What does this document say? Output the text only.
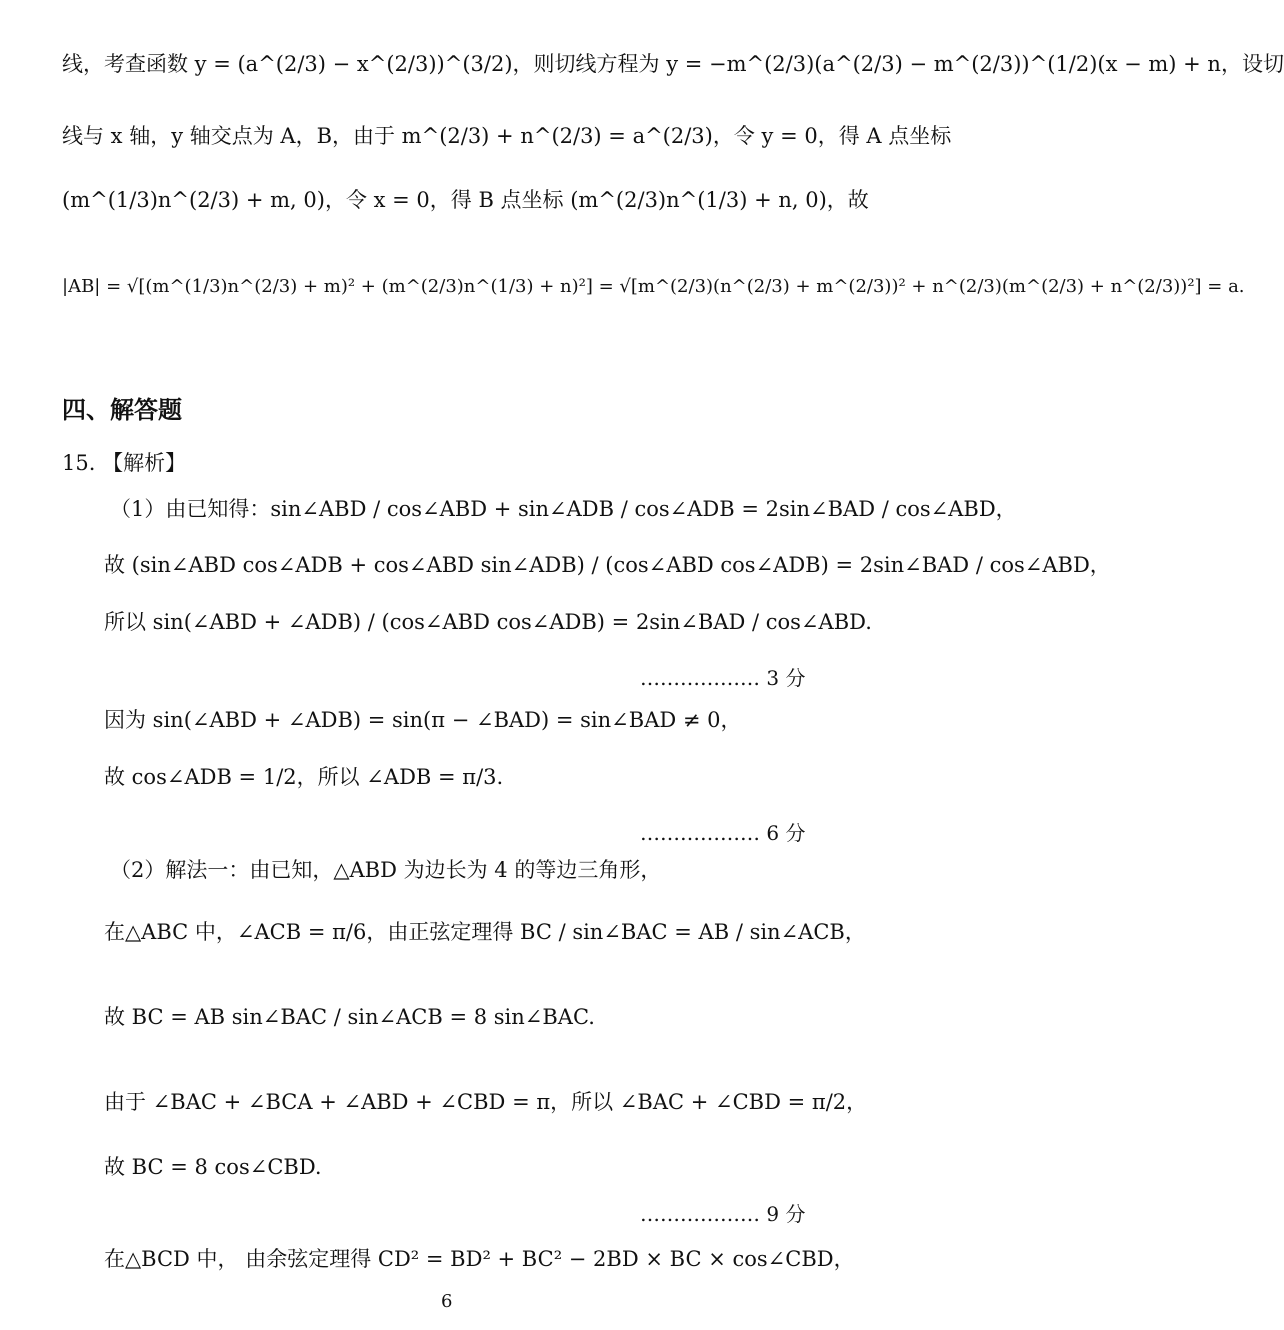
线，考查函数 y = (a^(2/3) − x^(2/3))^(3/2)，则切线方程为 y = −m^(2/3)(a^(2/3) − m^(2/3))^(1/2)(x − m) + n，设切
线与 x 轴，y 轴交点为 A，B，由于 m^(2/3) + n^(2/3) = a^(2/3)，令 y = 0，得 A 点坐标
(m^(1/3)n^(2/3) + m, 0)，令 x = 0，得 B 点坐标 (m^(2/3)n^(1/3) + n, 0)，故
|AB| = √[(m^(1/3)n^(2/3) + m)² + (m^(2/3)n^(1/3) + n)²] = √[m^(2/3)(n^(2/3) + m^(2/3))² + n^(2/3)(m^(2/3) + n^(2/3))²] = a.
四、解答题
15. 【解析】
（1）由已知得：sin∠ABD / cos∠ABD + sin∠ADB / cos∠ADB = 2sin∠BAD / cos∠ABD，
故 (sin∠ABD cos∠ADB + cos∠ABD sin∠ADB) / (cos∠ABD cos∠ADB) = 2sin∠BAD / cos∠ABD，
所以 sin(∠ABD + ∠ADB) / (cos∠ABD cos∠ADB) = 2sin∠BAD / cos∠ABD.
……………… 3 分
因为 sin(∠ABD + ∠ADB) = sin(π − ∠BAD) = sin∠BAD ≠ 0，
故 cos∠ADB = 1/2，所以 ∠ADB = π/3.
……………… 6 分
（2）解法一：由已知，△ABD 为边长为 4 的等边三角形，
在△ABC 中，∠ACB = π/6，由正弦定理得 BC / sin∠BAC = AB / sin∠ACB，
故 BC = AB sin∠BAC / sin∠ACB = 8 sin∠BAC.
由于 ∠BAC + ∠BCA + ∠ABD + ∠CBD = π，所以 ∠BAC + ∠CBD = π/2，
故 BC = 8 cos∠CBD.
……………… 9 分
在△BCD 中， 由余弦定理得 CD² = BD² + BC² − 2BD × BC × cos∠CBD，
6
